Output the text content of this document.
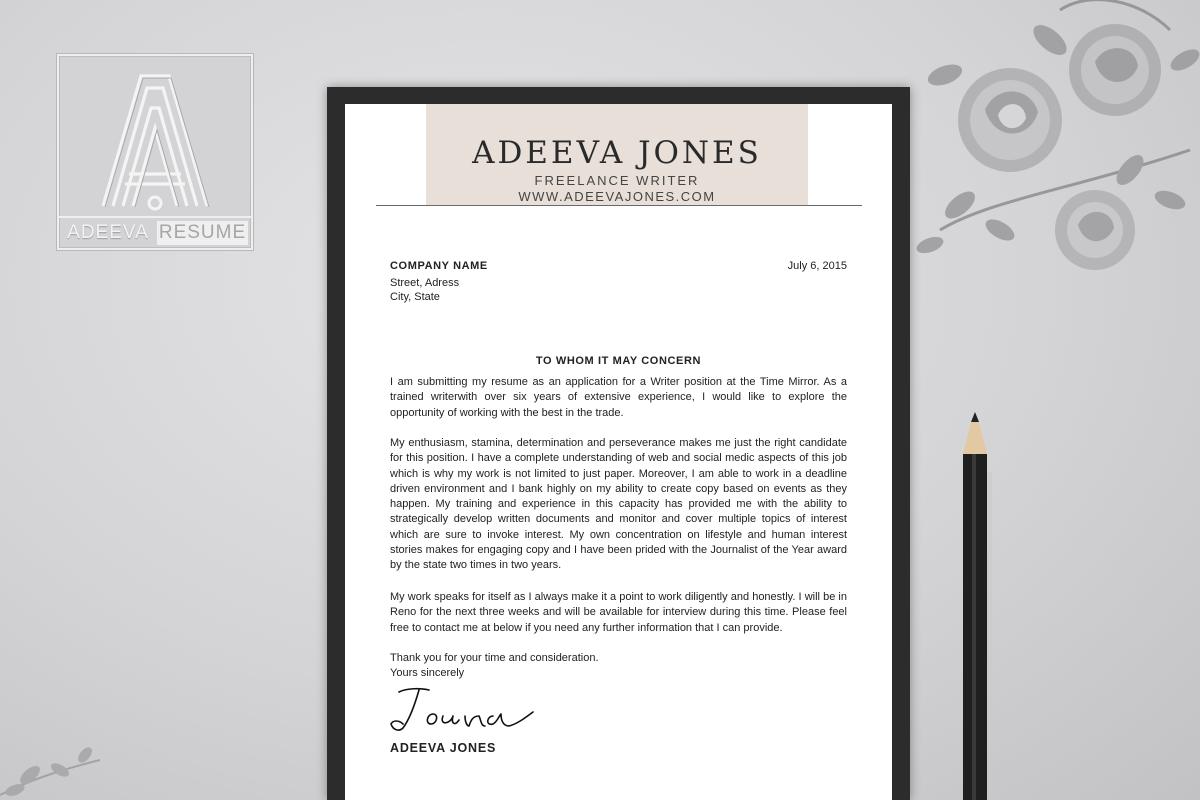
ADEEVA RESUME
ADEEVA JONES
FREELANCE WRITER
WWW.ADEEVAJONES.COM
COMPANY NAME
Street, Adress
City, State
July 6, 2015
TO WHOM IT MAY CONCERN
I am submitting my resume as an application for a Writer position at the Time Mirror. As a trained writerwith over six years of extensive experience, I would like to explore the opportunity of working with the best in the trade.
My enthusiasm, stamina, determination and perseverance makes me just the right candidate for this position. I have a complete understanding of web and social medic aspects of this job which is why my work is not limited to just paper. Moreover, I am able to work in a deadline driven environment and I bank highly on my ability to create copy based on events as they happen. My training and experience in this capacity has provided me with the ability to strategically develop written documents and monitor and cover multiple topics of interest which are sure to invoke interest. My own concentration on lifestyle and human interest stories makes for engaging copy and I have been prided with the Journalist of the Year award by the state two times in two years.
My work speaks for itself as I always make it a point to work diligently and honestly. I will be in Reno for the next three weeks and will be available for interview during this time. Please feel free to contact me at below if you need any further information that I can provide.
Thank you for your time and consideration.
Yours sincerely
ADEEVA JONES
